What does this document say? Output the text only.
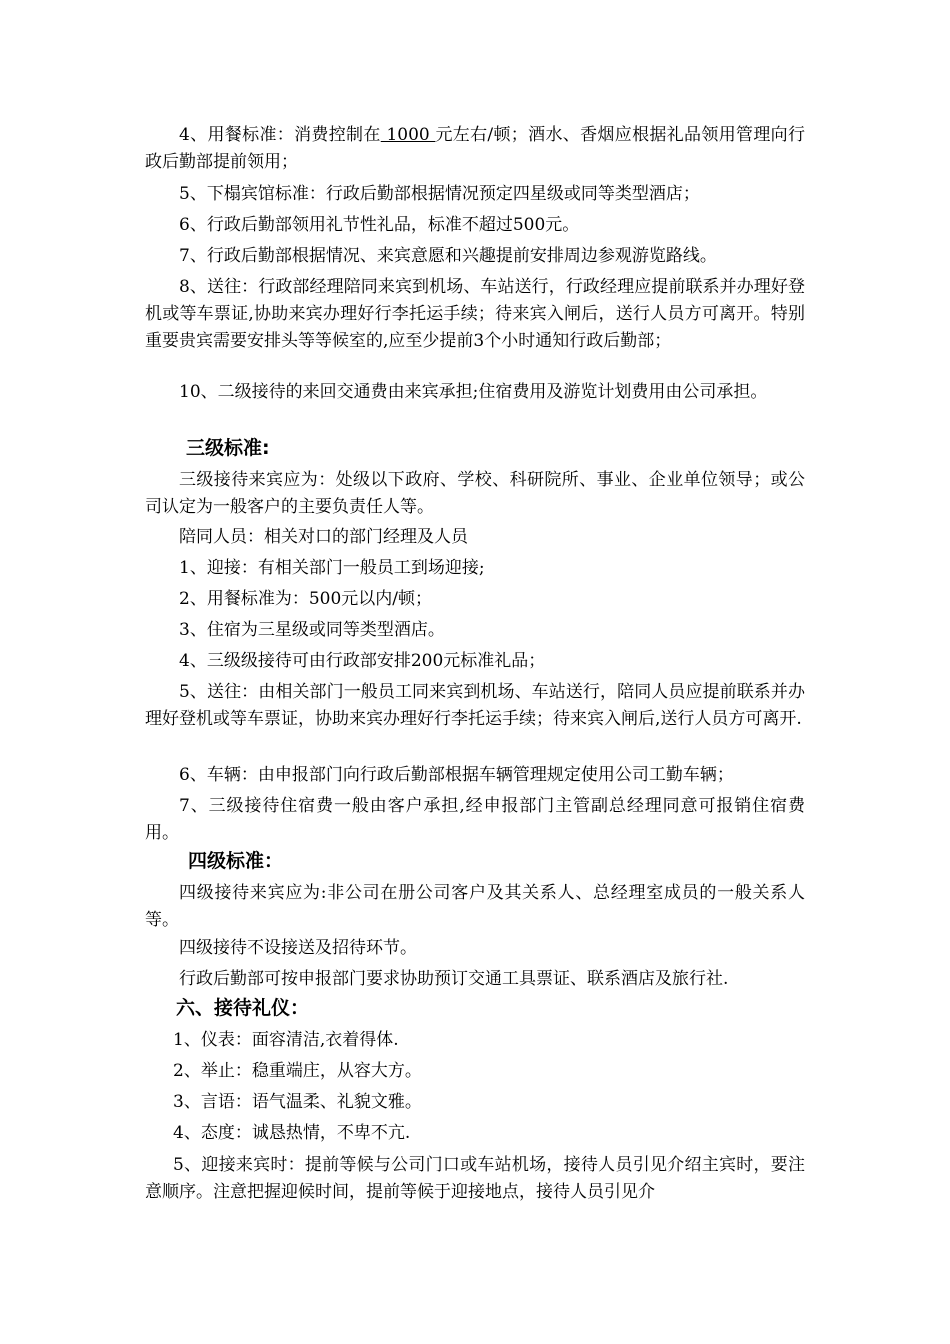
4、用餐标准：消费控制在 1000 元左右/顿；酒水、香烟应根据礼品领用管理向行政后勤部提前领用；

5、下榻宾馆标准：行政后勤部根据情况预定四星级或同等类型酒店；

6、行政后勤部领用礼节性礼品，标准不超过500元。

7、行政后勤部根据情况、来宾意愿和兴趣提前安排周边参观游览路线。

8、送往：行政部经理陪同来宾到机场、车站送行，行政经理应提前联系并办理好登机或等车票证,协助来宾办理好行李托运手续；待来宾入闸后，送行人员方可离开。特别重要贵宾需要安排头等等候室的,应至少提前3个小时通知行政后勤部；

10、二级接待的来回交通费由来宾承担;住宿费用及游览计划费用由公司承担。

三级标准:

三级接待来宾应为：处级以下政府、学校、科研院所、事业、企业单位领导；或公司认定为一般客户的主要负责任人等。

陪同人员：相关对口的部门经理及人员

1、迎接：有相关部门一般员工到场迎接;

2、用餐标准为：500元以内/顿；

3、住宿为三星级或同等类型酒店。

4、三级级接待可由行政部安排200元标准礼品；

5、送往：由相关部门一般员工同来宾到机场、车站送行，陪同人员应提前联系并办理好登机或等车票证，协助来宾办理好行李托运手续；待来宾入闸后,送行人员方可离开.

6、车辆：由申报部门向行政后勤部根据车辆管理规定使用公司工勤车辆；

7、三级接待住宿费一般由客户承担,经申报部门主管副总经理同意可报销住宿费用。

四级标准：

四级接待来宾应为:非公司在册公司客户及其关系人、总经理室成员的一般关系人等。

四级接待不设接送及招待环节。

行政后勤部可按申报部门要求协助预订交通工具票证、联系酒店及旅行社.

六、接待礼仪：

1、仪表：面容清洁,衣着得体.

2、举止：稳重端庄，从容大方。

3、言语：语气温柔、礼貌文雅。

4、态度：诚恳热情，不卑不亢.

5、迎接来宾时：提前等候与公司门口或车站机场，接待人员引见介绍主宾时，要注意顺序。注意把握迎候时间，提前等候于迎接地点，接待人员引见介
